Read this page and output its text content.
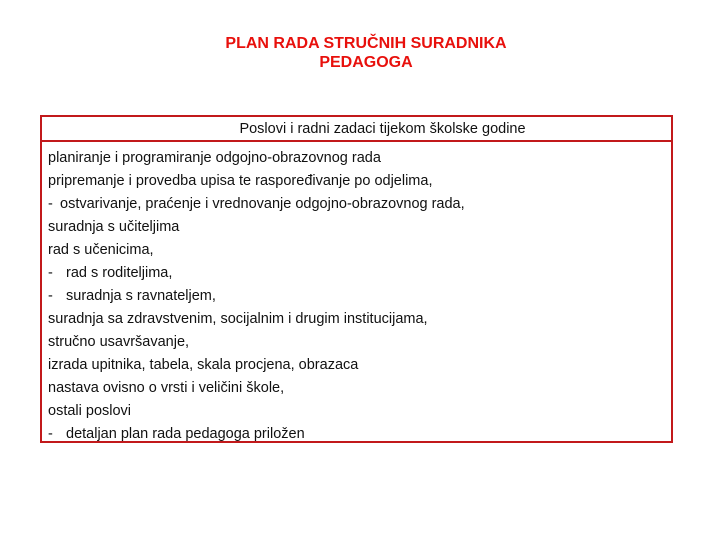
PLAN RADA STRUČNIH SURADNIKA
PEDAGOGA
Poslovi i radni zadaci tijekom školske godine
planiranje i programiranje odgojno-obrazovnog rada
pripremanje i provedba upisa te raspoređivanje po odjelima,
- ostvarivanje, praćenje i vrednovanje odgojno-obrazovnog rada,
suradnja s učiteljima
rad s učenicima,
- rad s roditeljima,
- suradnja s ravnateljem,
suradnja sa zdravstvenim, socijalnim i drugim institucijama,
stručno usavršavanje,
izrada upitnika, tabela, skala procjena, obrazaca
nastava ovisno o vrsti i veličini škole,
ostali poslovi
- detaljan plan rada pedagoga priložen
